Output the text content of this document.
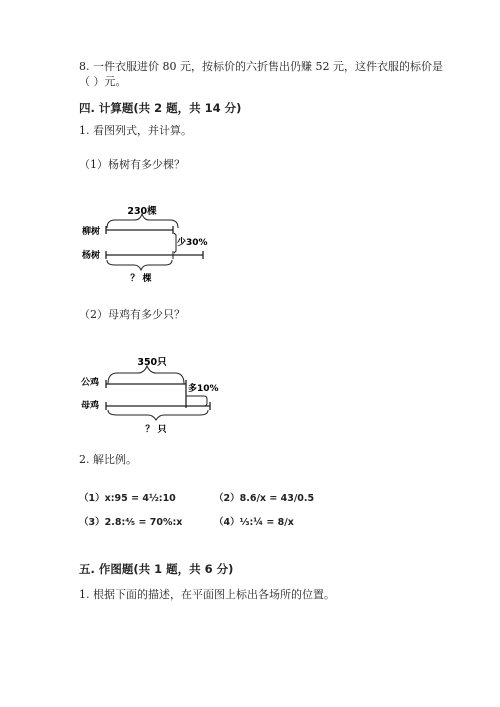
8. 一件衣服进价 80 元，按标价的六折售出仍赚 52 元，这件衣服的标价是
（ ）元。
四. 计算题(共 2 题，共 14 分)
1. 看图列式，并计算。
（1）杨树有多少棵？
230棵
柳树
少30%
杨树
？ 棵
（2）母鸡有多少只？
350只
公鸡
多10%
母鸡
？ 只
2. 解比例。
（1）x:95 = 4½:10	（2）8.6/x = 43/0.5
（3）2.8:⁴⁄₅ = 70%:x	（4）⅓:¼ = 8/x
五. 作图题(共 1 题，共 6 分)
1. 根据下面的描述，在平面图上标出各场所的位置。
